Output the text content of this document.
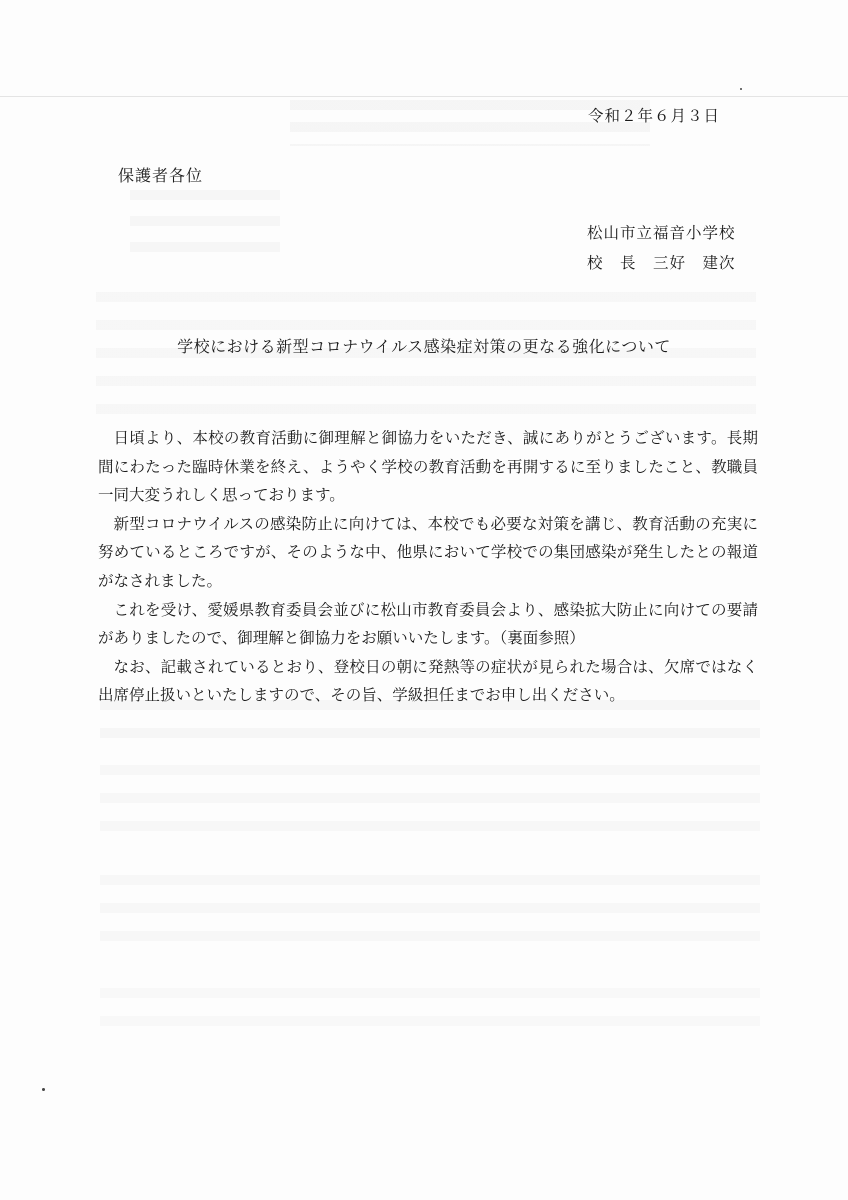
令和２年６月３日
保護者各位
松山市立福音小学校
校　長　三好　建次
学校における新型コロナウイルス感染症対策の更なる強化について

日頃より、本校の教育活動に御理解と御協力をいただき、誠にありがとうございます。長期間にわたった臨時休業を終え、ようやく学校の教育活動を再開するに至りましたこと、教職員一同大変うれしく思っております。

新型コロナウイルスの感染防止に向けては、本校でも必要な対策を講じ、教育活動の充実に努めているところですが、そのような中、他県において学校での集団感染が発生したとの報道がなされました。

これを受け、愛媛県教育委員会並びに松山市教育委員会より、感染拡大防止に向けての要請がありましたので、御理解と御協力をお願いいたします。（裏面参照）

なお、記載されているとおり、登校日の朝に発熱等の症状が見られた場合は、欠席ではなく出席停止扱いといたしますので、その旨、学級担任までお申し出ください。
